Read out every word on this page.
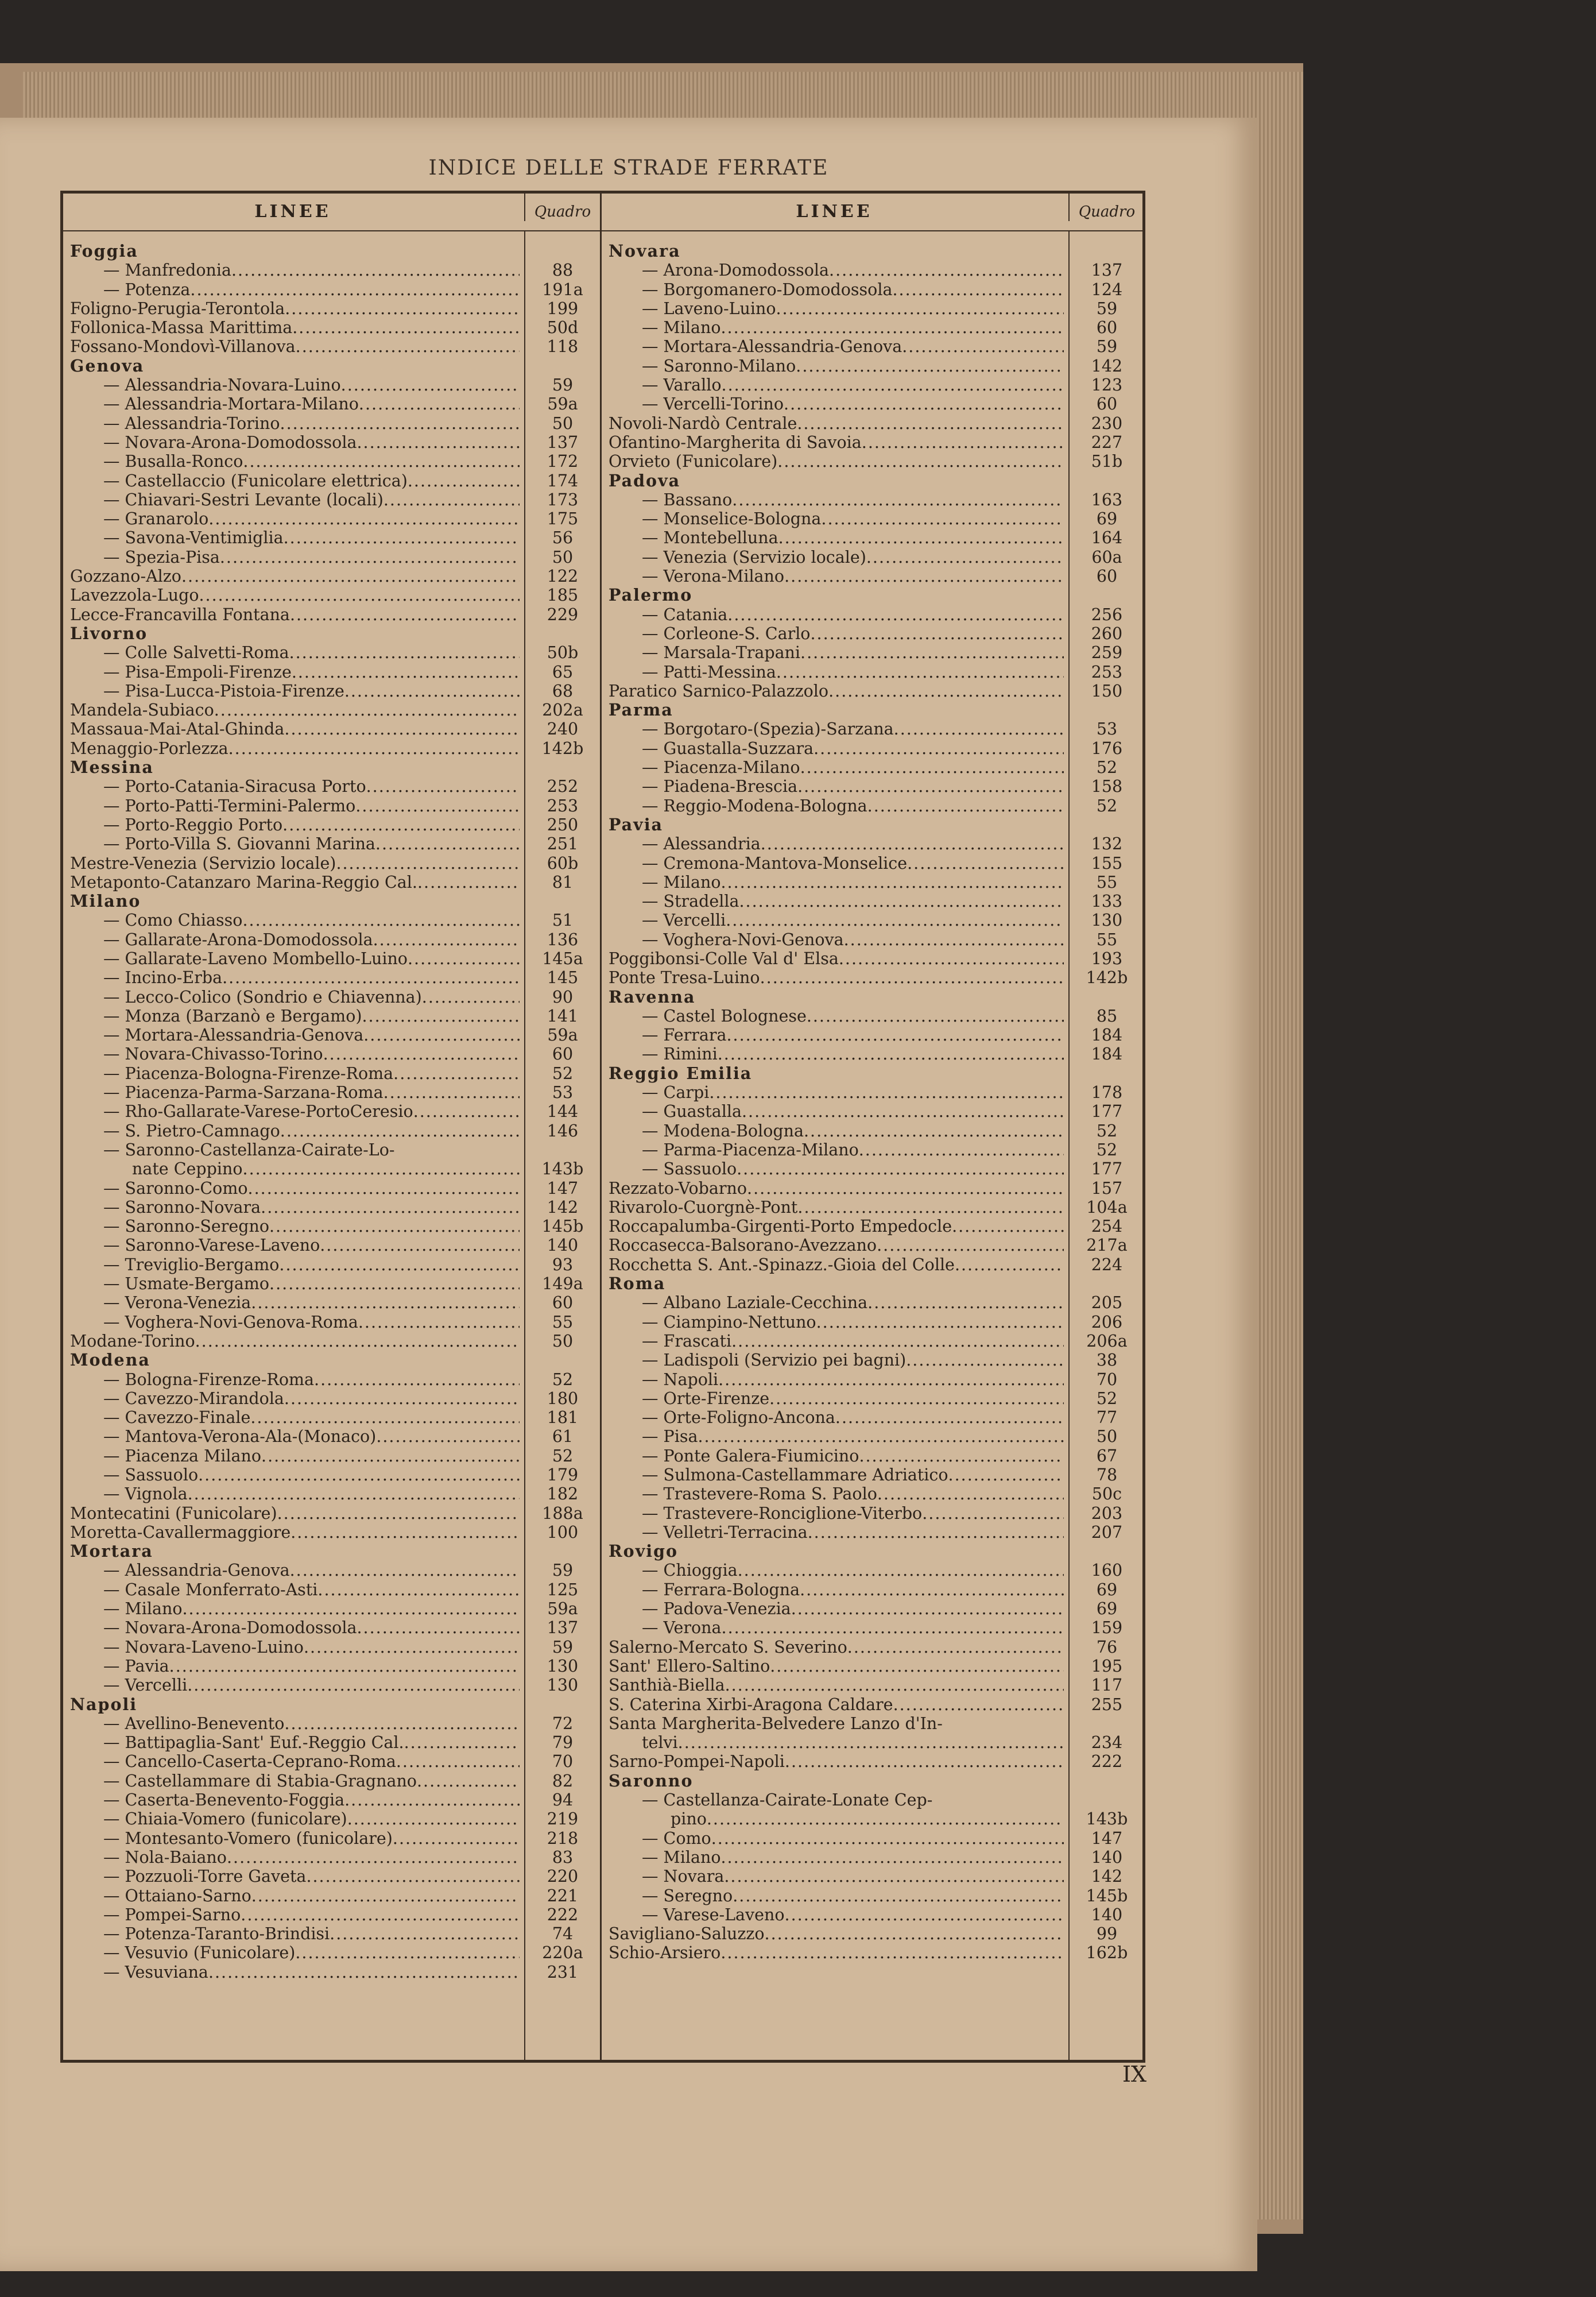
INDICE DELLE STRADE FERRATE
LINEE	Quadro
Foggia
— Manfredonia .....	88
— Potenza .....	191a
Foligno-Perugia-Terontola .....	199
Follonica-Massa Marittima .....	50d
Fossano-Mondovì-Villanova .....	118
Genova
— Alessandria-Novara-Luino .....	59
— Alessandria-Mortara-Milano .....	59a
— Alessandria-Torino .....	50
— Novara-Arona-Domodossola .....	137
— Busalla-Ronco .....	172
— Castellaccio (Funicolare elettrica) .....	174
— Chiavari-Sestri Levante (locali) .....	173
— Granarolo .....	175
— Savona-Ventimiglia .....	56
— Spezia-Pisa .....	50
Gozzano-Alzo .....	122
Lavezzola-Lugo .....	185
Lecce-Francavilla Fontana .....	229
Livorno
— Colle Salvetti-Roma .....	50b
— Pisa-Empoli-Firenze .....	65
— Pisa-Lucca-Pistoia-Firenze .....	68
Mandela-Subiaco .....	202a
Massaua-Mai-Atal-Ghinda .....	240
Menaggio-Porlezza .....	142b
Messina
— Porto-Catania-Siracusa Porto .....	252
— Porto-Patti-Termini-Palermo .....	253
— Porto-Reggio Porto .....	250
— Porto-Villa S. Giovanni Marina .....	251
Mestre-Venezia (Servizio locale) .....	60b
Metaponto-Catanzaro Marina-Reggio Cal. .....	81
Milano
— Como Chiasso .....	51
— Gallarate-Arona-Domodossola .....	136
— Gallarate-Laveno Mombello-Luino .....	145a
— Incino-Erba .....	145
— Lecco-Colico (Sondrio e Chiavenna) .....	90
— Monza (Barzanò e Bergamo) .....	141
— Mortara-Alessandria-Genova .....	59a
— Novara-Chivasso-Torino .....	60
— Piacenza-Bologna-Firenze-Roma .....	52
— Piacenza-Parma-Sarzana-Roma .....	53
— Rho-Gallarate-Varese-PortoCeresio .....	144
— S. Pietro-Camnago .....	146
— Saronno-Castellanza-Cairate-Lo-
nate Ceppino .....	143b
— Saronno-Como .....	147
— Saronno-Novara .....	142
— Saronno-Seregno .....	145b
— Saronno-Varese-Laveno .....	140
— Treviglio-Bergamo .....	93
— Usmate-Bergamo .....	149a
— Verona-Venezia .....	60
— Voghera-Novi-Genova-Roma .....	55
Modane-Torino .....	50
Modena
— Bologna-Firenze-Roma .....	52
— Cavezzo-Mirandola .....	180
— Cavezzo-Finale .....	181
— Mantova-Verona-Ala-(Monaco) .....	61
— Piacenza Milano .....	52
— Sassuolo .....	179
— Vignola .....	182
Montecatini (Funicolare) .....	188a
Moretta-Cavallermaggiore .....	100
Mortara
— Alessandria-Genova .....	59
— Casale Monferrato-Asti .....	125
— Milano .....	59a
— Novara-Arona-Domodossola .....	137
— Novara-Laveno-Luino .....	59
— Pavia .....	130
— Vercelli .....	130
Napoli
— Avellino-Benevento .....	72
— Battipaglia-Sant' Euf.-Reggio Cal. .....	79
— Cancello-Caserta-Ceprano-Roma .....	70
— Castellammare di Stabia-Gragnano .....	82
— Caserta-Benevento-Foggia .....	94
— Chiaia-Vomero (funicolare) .....	219
— Montesanto-Vomero (funicolare) .....	218
— Nola-Baiano .....	83
— Pozzuoli-Torre Gaveta .....	220
— Ottaiano-Sarno .....	221
— Pompei-Sarno .....	222
— Potenza-Taranto-Brindisi .....	74
— Vesuvio (Funicolare) .....	220a
— Vesuviana .....	231
LINEE	Quadro
Novara
— Arona-Domodossola .....	137
— Borgomanero-Domodossola .....	124
— Laveno-Luino .....	59
— Milano .....	60
— Mortara-Alessandria-Genova .....	59
— Saronno-Milano .....	142
— Varallo .....	123
— Vercelli-Torino .....	60
Novoli-Nardò Centrale .....	230
Ofantino-Margherita di Savoia .....	227
Orvieto (Funicolare) .....	51b
Padova
— Bassano .....	163
— Monselice-Bologna .....	69
— Montebelluna .....	164
— Venezia (Servizio locale) .....	60a
— Verona-Milano .....	60
Palermo
— Catania .....	256
— Corleone-S. Carlo .....	260
— Marsala-Trapani .....	259
— Patti-Messina .....	253
Paratico Sarnico-Palazzolo .....	150
Parma
— Borgotaro-(Spezia)-Sarzana .....	53
— Guastalla-Suzzara .....	176
— Piacenza-Milano .....	52
— Piadena-Brescia .....	158
— Reggio-Modena-Bologna .....	52
Pavia
— Alessandria .....	132
— Cremona-Mantova-Monselice .....	155
— Milano .....	55
— Stradella .....	133
— Vercelli .....	130
— Voghera-Novi-Genova .....	55
Poggibonsi-Colle Val d' Elsa .....	193
Ponte Tresa-Luino .....	142b
Ravenna
— Castel Bolognese .....	85
— Ferrara .....	184
— Rimini .....	184
Reggio Emilia
— Carpi .....	178
— Guastalla .....	177
— Modena-Bologna .....	52
— Parma-Piacenza-Milano .....	52
— Sassuolo .....	177
Rezzato-Vobarno .....	157
Rivarolo-Cuorgnè-Pont .....	104a
Roccapalumba-Girgenti-Porto Empedocle .....	254
Roccasecca-Balsorano-Avezzano .....	217a
Rocchetta S. Ant.-Spinazz.-Gioia del Colle .....	224
Roma
— Albano Laziale-Cecchina .....	205
— Ciampino-Nettuno .....	206
— Frascati .....	206a
— Ladispoli (Servizio pei bagni) .....	38
— Napoli .....	70
— Orte-Firenze .....	52
— Orte-Foligno-Ancona .....	77
— Pisa .....	50
— Ponte Galera-Fiumicino .....	67
— Sulmona-Castellammare Adriatico .....	78
— Trastevere-Roma S. Paolo .....	50c
— Trastevere-Ronciglione-Viterbo .....	203
— Velletri-Terracina .....	207
Rovigo
— Chioggia .....	160
— Ferrara-Bologna .....	69
— Padova-Venezia .....	69
— Verona .....	159
Salerno-Mercato S. Severino .....	76
Sant' Ellero-Saltino .....	195
Santhià-Biella .....	117
S. Caterina Xirbi-Aragona Caldare .....	255
Santa Margherita-Belvedere Lanzo d'In-
telvi .....	234
Sarno-Pompei-Napoli .....	222
Saronno
— Castellanza-Cairate-Lonate Cep-
pino .....	143b
— Como .....	147
— Milano .....	140
— Novara .....	142
— Seregno .....	145b
— Varese-Laveno .....	140
Savigliano-Saluzzo .....	99
Schio-Arsiero .....	162b
IX
